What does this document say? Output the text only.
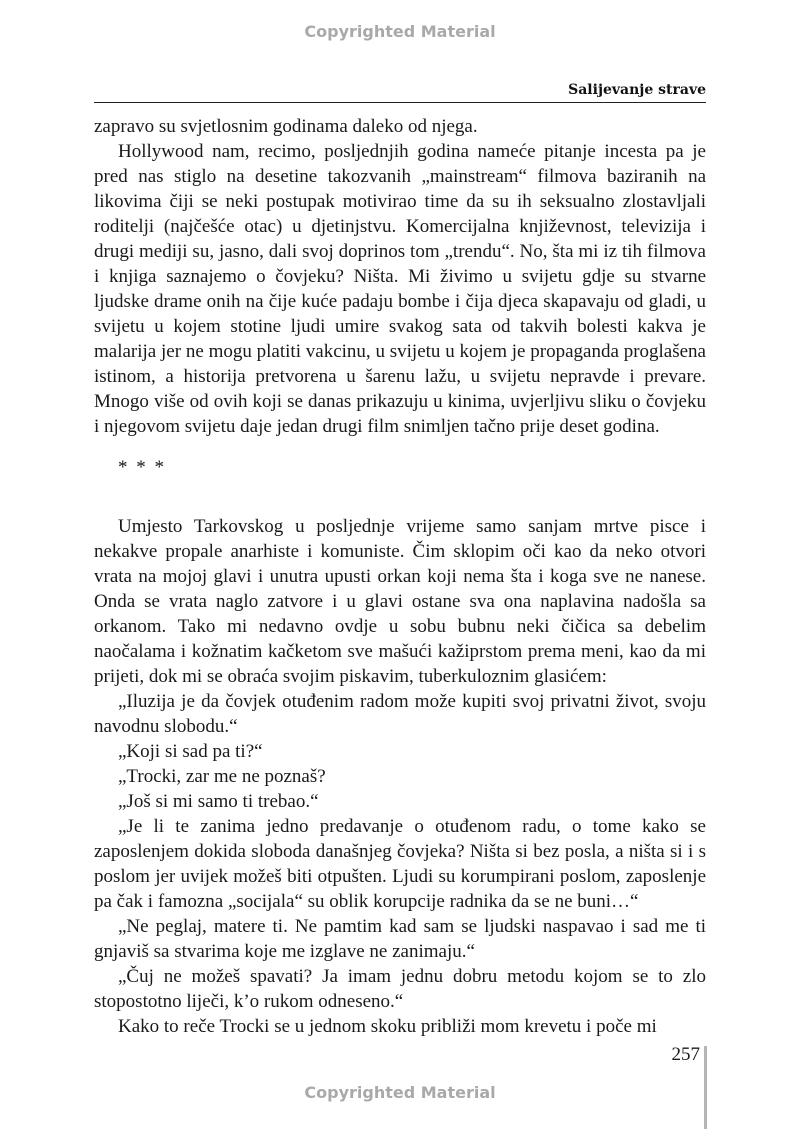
Copyrighted Material
Salijevanje strave

zapravo su svjetlosnim godinama daleko od njega.

Hollywood nam, recimo, posljednjih godina nameće pitanje incesta pa je pred nas stiglo na desetine takozvanih „mainstream“ filmova baziranih na likovima čiji se neki postupak motivirao time da su ih seksualno zlostavljali roditelji (najčešće otac) u djetinjstvu. Komercijalna književnost, televizija i drugi mediji su, jasno, dali svoj doprinos tom „trendu“. No, šta mi iz tih filmova i knjiga saznajemo o čovjeku? Ništa. Mi živimo u svijetu gdje su stvarne ljudske drame onih na čije kuće padaju bombe i čija djeca skapavaju od gladi, u svijetu u kojem stotine ljudi umire svakog sata od takvih bolesti kakva je malarija jer ne mogu platiti vakcinu, u svijetu u kojem je propaganda proglašena istinom, a historija pretvorena u šarenu lažu, u svijetu nepravde i prevare. Mnogo više od ovih koji se danas prikazuju u kinima, uvjerljivu sliku o čovjeku i njegovom svijetu daje jedan drugi film snimljen tačno prije deset godina.

* * *

Umjesto Tarkovskog u posljednje vrijeme samo sanjam mrtve pisce i nekakve propale anarhiste i komuniste. Čim sklopim oči kao da neko otvori vrata na mojoj glavi i unutra upusti orkan koji nema šta i koga sve ne nanese. Onda se vrata naglo zatvore i u glavi ostane sva ona naplavina nadošla sa orkanom. Tako mi nedavno ovdje u sobu bubnu neki čičica sa debelim naočalama i kožnatim kačketom sve mašući kažiprstom prema meni, kao da mi prijeti, dok mi se obraća svojim piskavim, tuberkuloznim glasićem:

„Iluzija je da čovjek otuđenim radom može kupiti svoj privatni život, svoju navodnu slobodu.“

„Koji si sad pa ti?“

„Trocki, zar me ne poznaš?

„Još si mi samo ti trebao.“

„Je li te zanima jedno predavanje o otuđenom radu, o tome kako se zaposlenjem dokida sloboda današnjeg čovjeka? Ništa si bez posla, a ništa si i s poslom jer uvijek možeš biti otpušten. Ljudi su korumpirani poslom, zaposlenje pa čak i famozna „socijala“ su oblik korupcije radnika da se ne buni…“

„Ne peglaj, matere ti. Ne pamtim kad sam se ljudski naspavao i sad me ti gnjaviš sa stvarima koje me izglave ne zanimaju.“

„Čuj ne možeš spavati? Ja imam jednu dobru metodu kojom se to zlo stopostotno liječi, k’o rukom odneseno.“

Kako to reče Trocki se u jednom skoku približi mom krevetu i poče mi

257
Copyrighted Material
